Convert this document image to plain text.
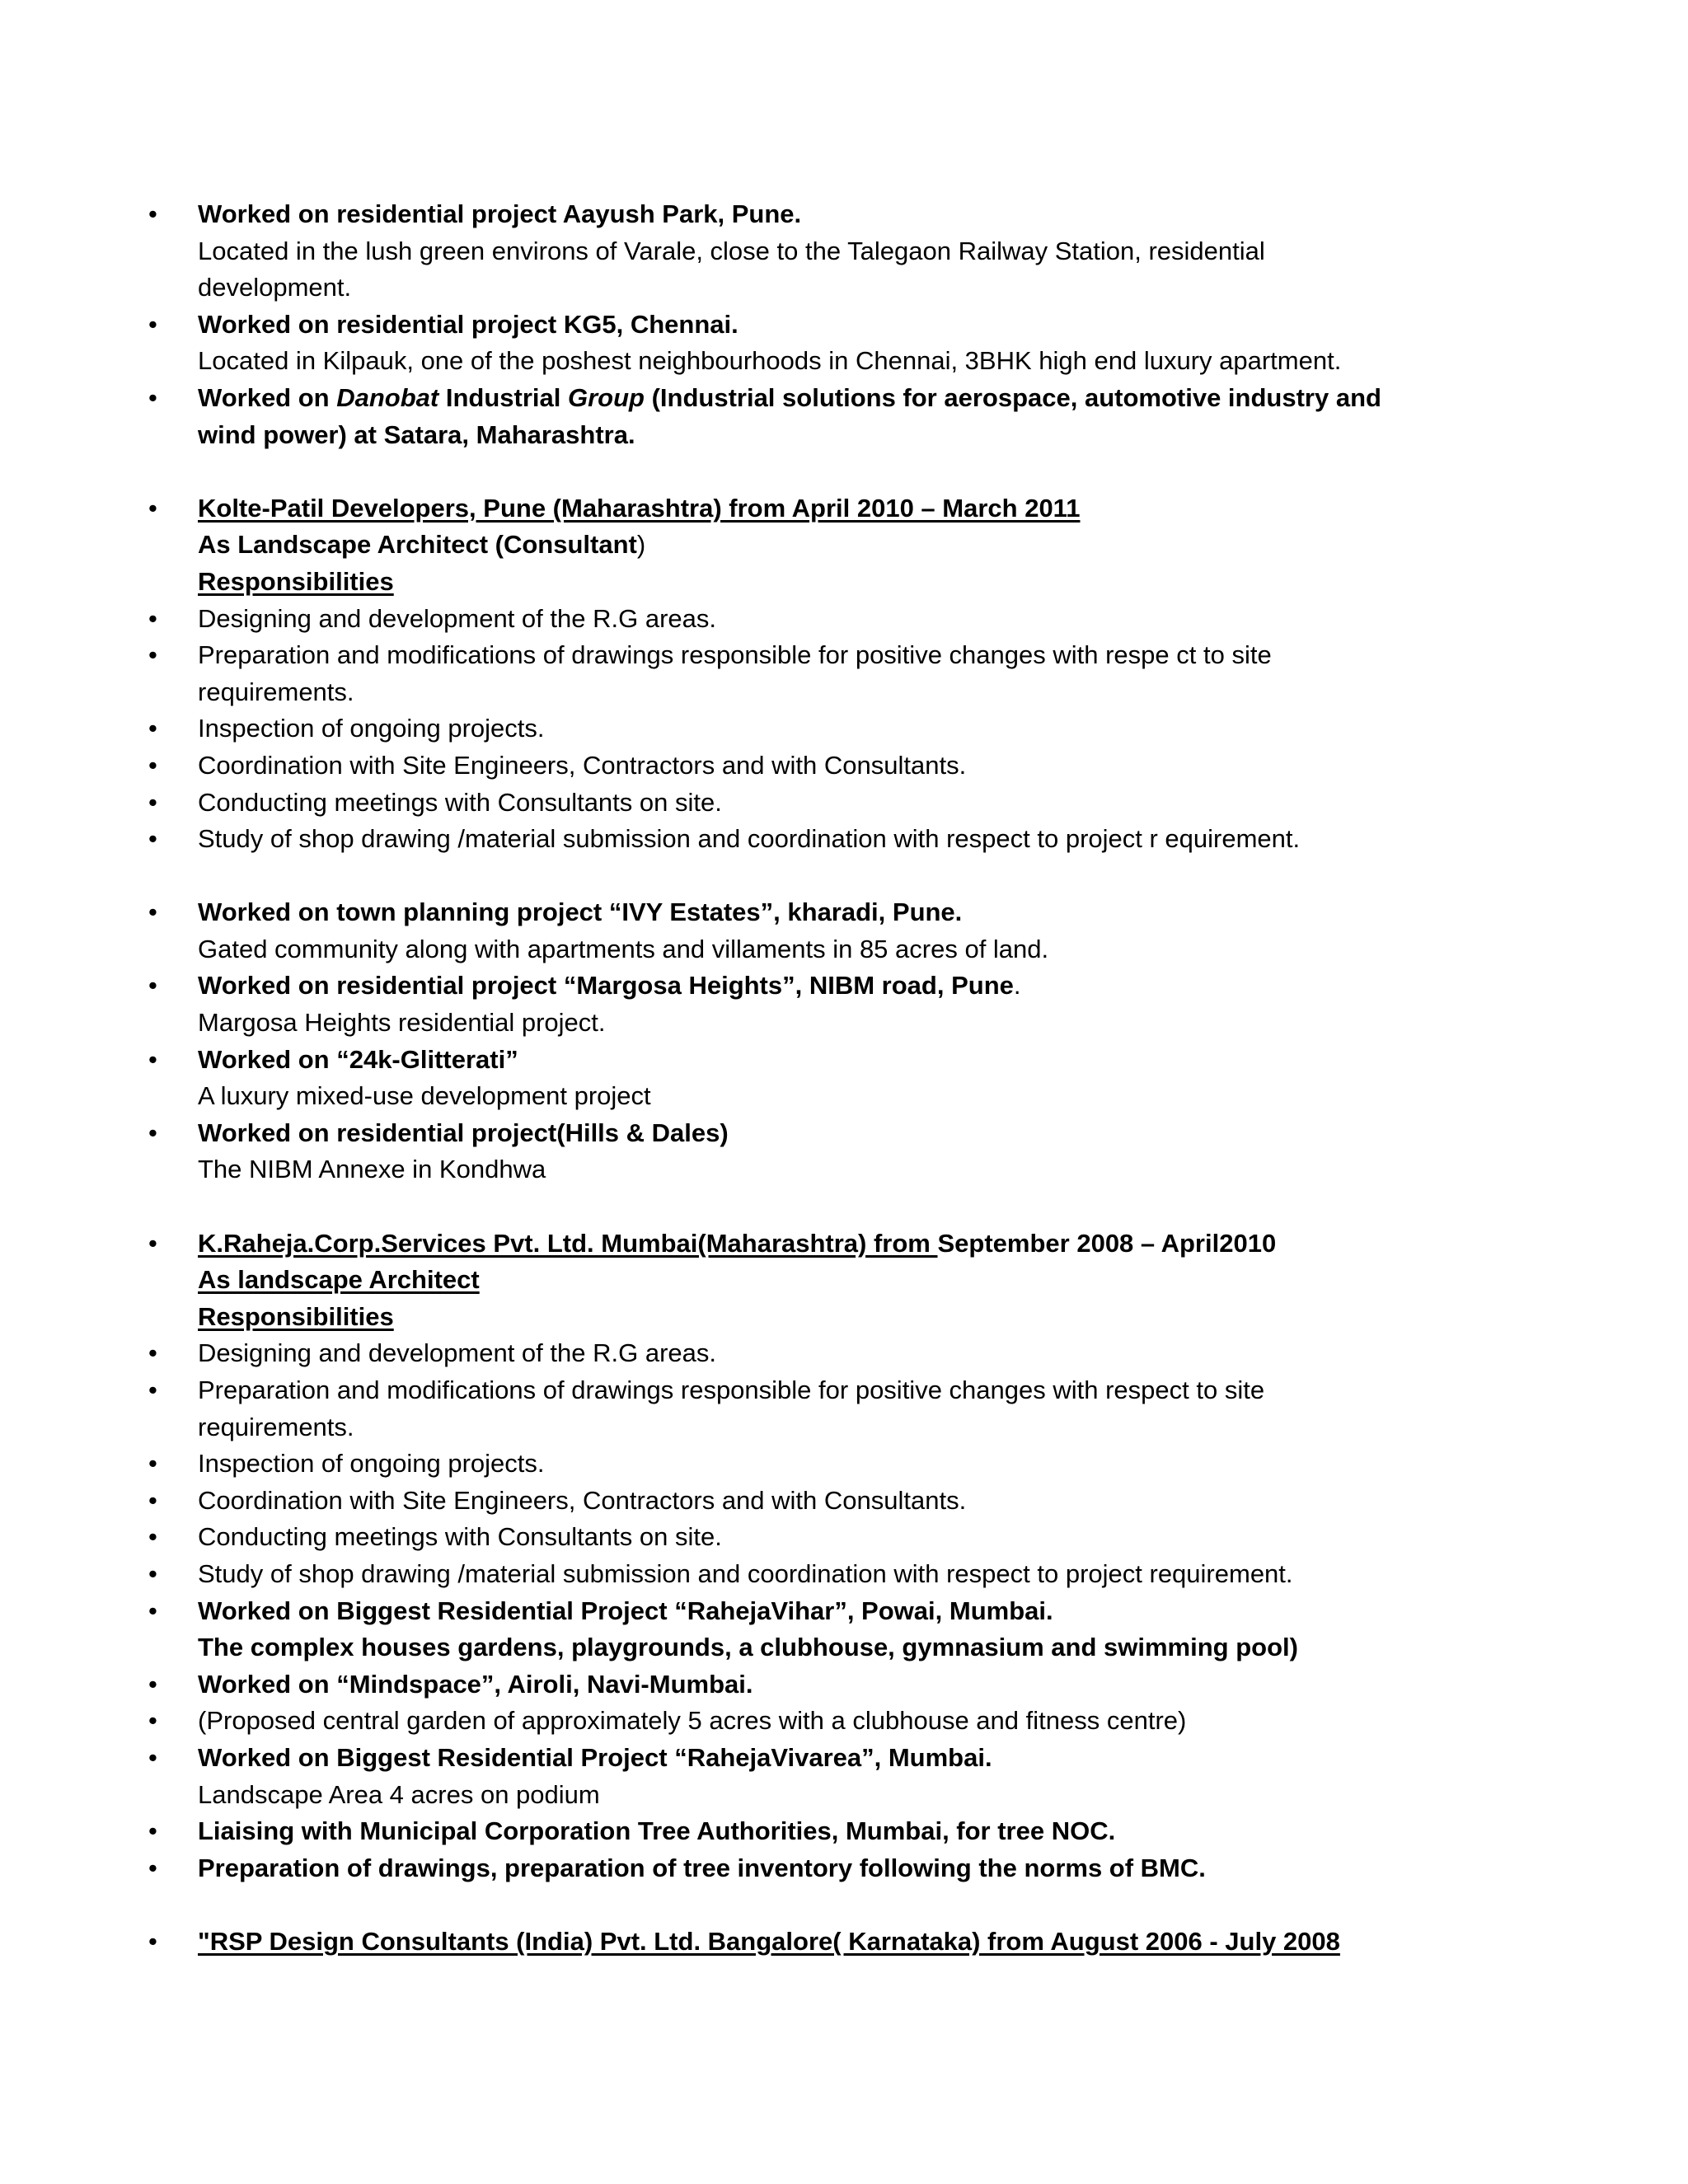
• Worked on residential project Aayush Park, Pune.
Located in the lush green environs of Varale, close to the Talegaon Railway Station, residential
development.
• Worked on residential project KG5, Chennai.
Located in Kilpauk, one of the poshest neighbourhoods in Chennai, 3BHK high end luxury apartment.
• Worked on Danobat Industrial Group (Industrial solutions for aerospace, automotive industry and
wind power) at Satara, Maharashtra.
• Kolte-Patil Developers, Pune (Maharashtra) from April 2010 – March 2011
As Landscape Architect (Consultant)
Responsibilities
• Designing and development of the R.G areas.
• Preparation and modifications of drawings responsible for positive changes with respe ct to site
requirements.
• Inspection of ongoing projects.
• Coordination with Site Engineers, Contractors and with Consultants.
• Conducting meetings with Consultants on site.
• Study of shop drawing /material submission and coordination with respect to project r equirement.
• Worked on town planning project “IVY Estates”, kharadi, Pune.
Gated community along with apartments and villaments in 85 acres of land.
• Worked on residential project “Margosa Heights”, NIBM road, Pune.
Margosa Heights residential project.
• Worked on “24k-Glitterati”
A luxury mixed-use development project
• Worked on residential project(Hills & Dales)
The NIBM Annexe in Kondhwa
• K.Raheja.Corp.Services Pvt. Ltd. Mumbai(Maharashtra) from September 2008 – April2010
As landscape Architect
Responsibilities
• Designing and development of the R.G areas.
• Preparation and modifications of drawings responsible for positive changes with respect to site
requirements.
• Inspection of ongoing projects.
• Coordination with Site Engineers, Contractors and with Consultants.
• Conducting meetings with Consultants on site.
• Study of shop drawing /material submission and coordination with respect to project requirement.
• Worked on Biggest Residential Project “RahejaVihar”, Powai, Mumbai.
The complex houses gardens, playgrounds, a clubhouse, gymnasium and swimming pool)
• Worked on “Mindspace”, Airoli, Navi-Mumbai.
• (Proposed central garden of approximately 5 acres with a clubhouse and fitness centre)
• Worked on Biggest Residential Project “RahejaVivarea”, Mumbai.
Landscape Area 4 acres on podium
• Liaising with Municipal Corporation Tree Authorities, Mumbai, for tree NOC.
• Preparation of drawings, preparation of tree inventory following the norms of BMC.
• "RSP Design Consultants (India) Pvt. Ltd. Bangalore( Karnataka) from August 2006 - July 2008
